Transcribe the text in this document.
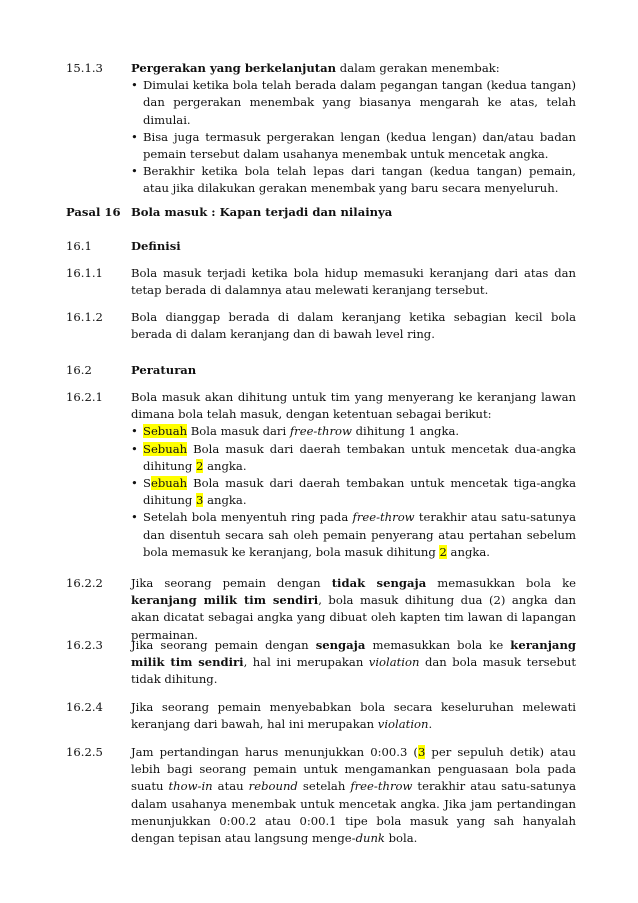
15.1.3 Pergerakan yang berkelanjutan dalam gerakan menembak:

• Dimulai ketika bola telah berada dalam pegangan tangan (kedua tangan) dan pergerakan menembak yang biasanya mengarah ke atas, telah dimulai.
• Bisa juga termasuk pergerakan lengan (kedua lengan) dan/atau badan pemain tersebut dalam usahanya menembak untuk mencetak angka.
• Berakhir ketika bola telah lepas dari tangan (kedua tangan) pemain, atau jika dilakukan gerakan menembak yang baru secara menyeluruh.
Pasal 16 Bola masuk : Kapan terjadi dan nilainya
16.1	Definisi
16.1.1 Bola masuk terjadi ketika bola hidup memasuki keranjang dari atas dan tetap berada di dalamnya atau melewati keranjang tersebut.
16.1.2 Bola dianggap berada di dalam keranjang ketika sebagian kecil bola berada di dalam keranjang dan di bawah level ring.
16.2	Peraturan
16.2.1 Bola masuk akan dihitung untuk tim yang menyerang ke keranjang lawan dimana bola telah masuk, dengan ketentuan sebagai berikut:

• Sebuah Bola masuk dari free-throw dihitung 1 angka.
• Sebuah Bola masuk dari daerah tembakan untuk mencetak dua-angka dihitung 2 angka.
• Sebuah Bola masuk dari daerah tembakan untuk mencetak tiga-angka dihitung 3 angka.
• Setelah bola menyentuh ring pada free-throw terakhir atau satu-satunya dan disentuh secara sah oleh pemain penyerang atau pertahan sebelum bola memasuk ke keranjang, bola masuk dihitung 2 angka.
16.2.2 Jika seorang pemain dengan tidak sengaja memasukkan bola ke keranjang milik tim sendiri, bola masuk dihitung dua (2) angka dan akan dicatat sebagai angka yang dibuat oleh kapten tim lawan di lapangan permainan.
16.2.3 Jika seorang pemain dengan sengaja memasukkan bola ke keranjang milik tim sendiri, hal ini merupakan violation dan bola masuk tersebut tidak dihitung.
16.2.4 Jika seorang pemain menyebabkan bola secara keseluruhan melewati keranjang dari bawah, hal ini merupakan violation.
16.2.5 Jam pertandingan harus menunjukkan 0:00.3 (3 per sepuluh detik) atau lebih bagi seorang pemain untuk mengamankan penguasaan bola pada suatu thow-in atau rebound setelah free-throw terakhir atau satu-satunya dalam usahanya menembak untuk mencetak angka. Jika jam pertandingan menunjukkan 0:00.2 atau 0:00.1 tipe bola masuk yang sah hanyalah dengan tepisan atau langsung menge-dunk bola.
